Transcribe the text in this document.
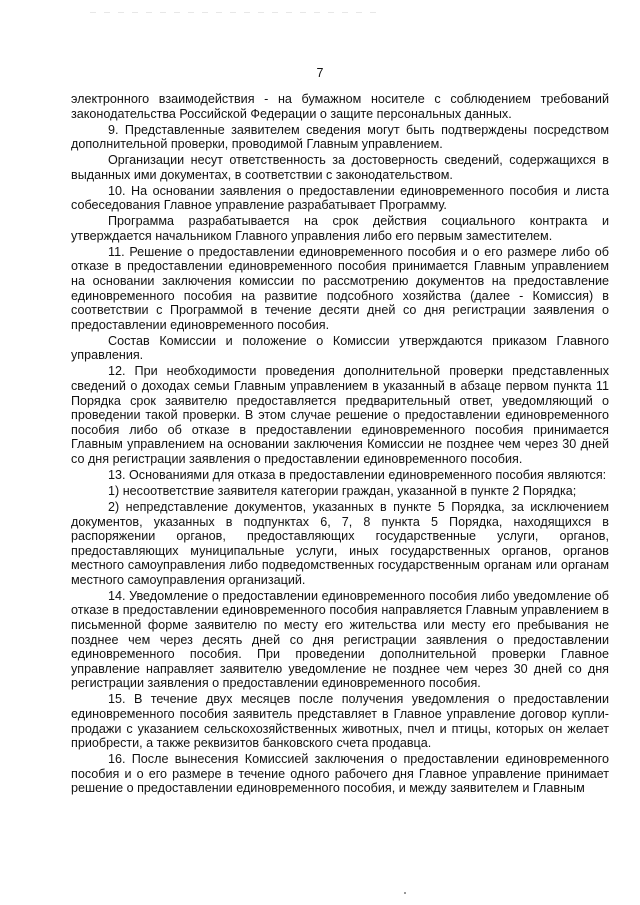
7

электронного взаимодействия - на бумажном носителе с соблюдением требований законодательства Российской Федерации о защите персональных данных.

9. Представленные заявителем сведения могут быть подтверждены посредством дополнительной проверки, проводимой Главным управлением.

Организации несут ответственность за достоверность сведений, содержащихся в выданных ими документах, в соответствии с законодательством.

10. На основании заявления о предоставлении единовременного пособия и листа собеседования Главное управление разрабатывает Программу.

Программа разрабатывается на срок действия социального контракта и утверждается начальником Главного управления либо его первым заместителем.

11. Решение о предоставлении единовременного пособия и о его размере либо об отказе в предоставлении единовременного пособия принимается Главным управлением на основании заключения комиссии по рассмотрению документов на предоставление единовременного пособия на развитие подсобного хозяйства (далее - Комиссия) в соответствии с Программой в течение десяти дней со дня регистрации заявления о предоставлении единовременного пособия.

Состав Комиссии и положение о Комиссии утверждаются приказом Главного управления.

12. При необходимости проведения дополнительной проверки представленных сведений о доходах семьи Главным управлением в указанный в абзаце первом пункта 11 Порядка срок заявителю предоставляется предварительный ответ, уведомляющий о проведении такой проверки. В этом случае решение о предоставлении единовременного пособия либо об отказе в предоставлении единовременного пособия принимается Главным управлением на основании заключения Комиссии не позднее чем через 30 дней со дня регистрации заявления о предоставлении единовременного пособия.

13. Основаниями для отказа в предоставлении единовременного пособия являются:

1) несоответствие заявителя категории граждан, указанной в пункте 2 Порядка;

2) непредставление документов, указанных в пункте 5 Порядка, за исключением документов, указанных в подпунктах 6, 7, 8 пункта 5 Порядка, находящихся в распоряжении органов, предоставляющих государственные услуги, органов, предоставляющих муниципальные услуги, иных государственных органов, органов местного самоуправления либо подведомственных государственным органам или органам местного самоуправления организаций.

14. Уведомление о предоставлении единовременного пособия либо уведомление об отказе в предоставлении единовременного пособия направляется Главным управлением в письменной форме заявителю по месту его жительства или месту его пребывания не позднее чем через десять дней со дня регистрации заявления о предоставлении единовременного пособия. При проведении дополнительной проверки Главное управление направляет заявителю уведомление не позднее чем через 30 дней со дня регистрации заявления о предоставлении единовременного пособия.

15. В течение двух месяцев после получения уведомления о предоставлении единовременного пособия заявитель представляет в Главное управление договор купли-продажи с указанием сельскохозяйственных животных, пчел и птицы, которых он желает приобрести, а также реквизитов банковского счета продавца.

16. После вынесения Комиссией заключения о предоставлении единовременного пособия и о его размере в течение одного рабочего дня Главное управление принимает решение о предоставлении единовременного пособия, и между заявителем и Главным
